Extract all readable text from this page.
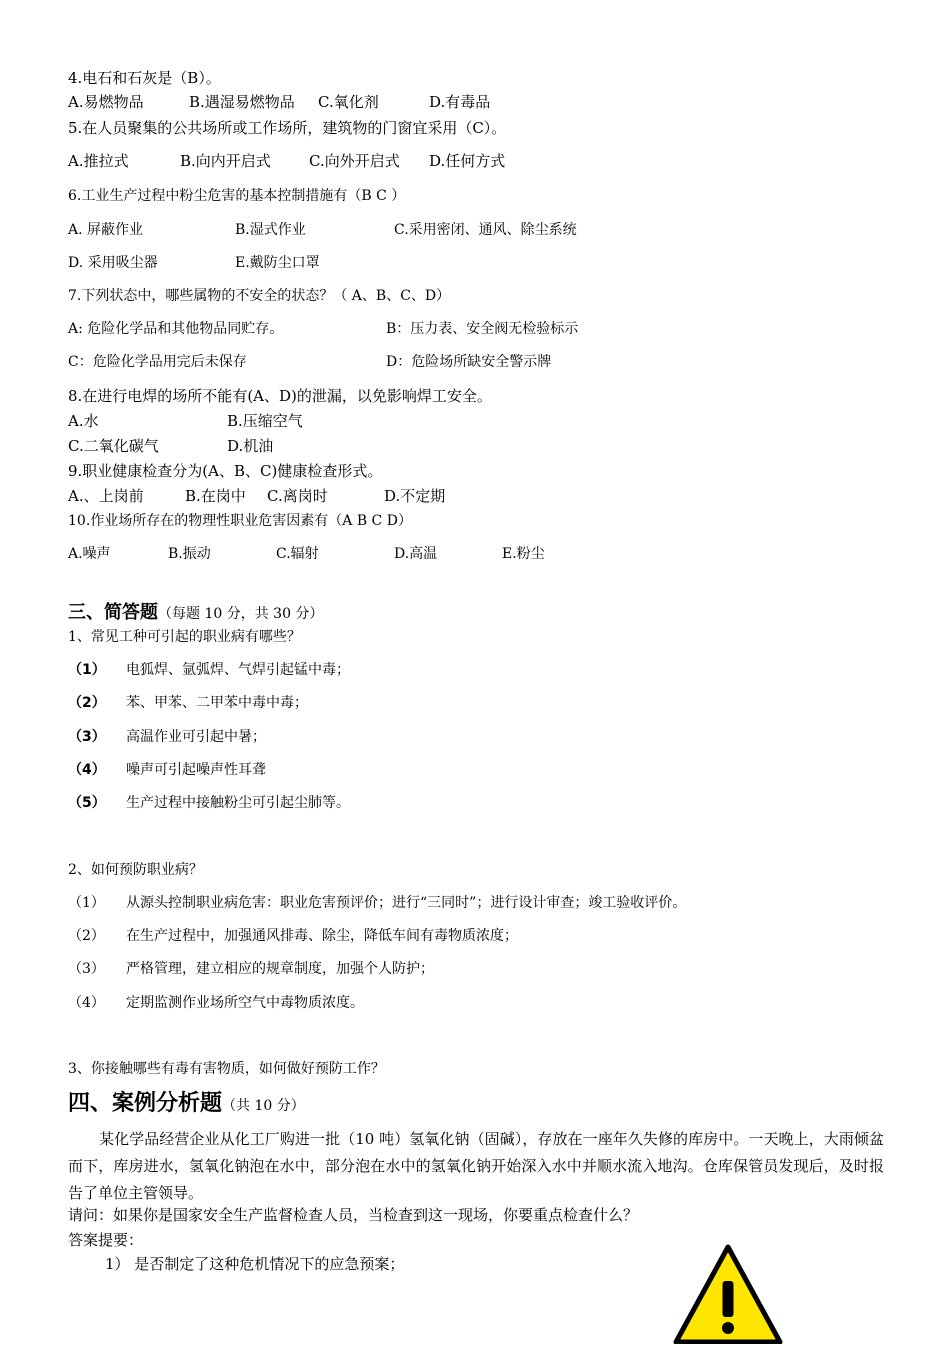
4.电石和石灰是（B）。
A.易燃物品	B.遇湿易燃物品 C.氧化剂	D.有毒品
5.在人员聚集的公共场所或工作场所，建筑物的门窗宜采用（C）。
A.推拉式	B.向内开启式	C.向外开启式 D.任何方式
6.工业生产过程中粉尘危害的基本控制措施有（B C ）
A. 屏蔽作业	B.湿式作业	C.采用密闭、通风、除尘系统
D. 采用吸尘器	E.戴防尘口罩
7.下列状态中，哪些属物的不安全的状态？（ A、B、C、D）
A: 危险化学品和其他物品同贮存。	B：压力表、安全阀无检验标示
C：危险化学品用完后未保存	D：危险场所缺安全警示牌
8.在进行电焊的场所不能有(A、D)的泄漏，以免影响焊工安全。
A.水	B.压缩空气
C.二氧化碳气	D.机油
9.职业健康检查分为(A、B、C)健康检查形式。
A.、上岗前	B.在岗中 C.离岗时	D.不定期
10.作业场所存在的物理性职业危害因素有（A B C D）
A.噪声	B.振动	C.辐射	D.高温	E.粉尘
三、简答题（每题 10 分，共 30 分）
1、常见工种可引起的职业病有哪些？
（1） 电狐焊、氩弧焊、气焊引起锰中毒；
（2） 苯、甲苯、二甲苯中毒中毒；
（3） 高温作业可引起中暑；
（4） 噪声可引起噪声性耳聋
（5） 生产过程中接触粉尘可引起尘肺等。
2、如何预防职业病？
（1） 从源头控制职业病危害：职业危害预评价；进行“三同时”；进行设计审查；竣工验收评价。
（2） 在生产过程中，加强通风排毒、除尘，降低车间有毒物质浓度；
（3） 严格管理，建立相应的规章制度，加强个人防护；
（4） 定期监测作业场所空气中毒物质浓度。
3、你接触哪些有毒有害物质，如何做好预防工作？
四、案例分析题（共 10 分）
某化学品经营企业从化工厂购进一批（10 吨）氢氧化钠（固碱），存放在一座年久失修的库房中。一天晚上，大雨倾盆而下，库房进水，氢氧化钠泡在水中，部分泡在水中的氢氧化钠开始深入水中并顺水流入地沟。仓库保管员发现后，及时报告了单位主管领导。
请问：如果你是国家安全生产监督检查人员，当检查到这一现场，你要重点检查什么？
答案提要：
1） 是否制定了这种危机情况下的应急预案；
